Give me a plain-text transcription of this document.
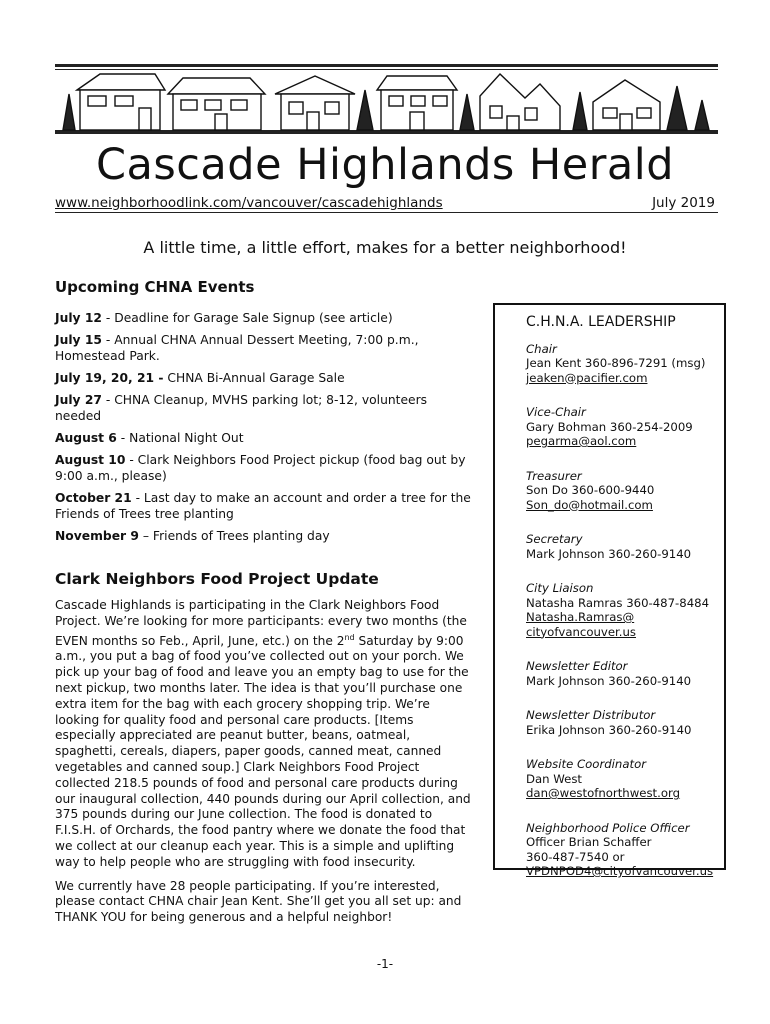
Cascade Highlands Herald
www.neighborhoodlink.com/vancouver/cascadehighlands	July 2019
A little time, a little effort, makes for a better neighborhood!
Upcoming CHNA Events
July 12 - Deadline for Garage Sale Signup (see article)
July 15 - Annual CHNA Annual Dessert Meeting, 7:00 p.m., Homestead Park.
July 19, 20, 21 - CHNA Bi-Annual Garage Sale
July 27 - CHNA Cleanup, MVHS parking lot; 8-12, volunteers needed
August 6 - National Night Out
August 10 - Clark Neighbors Food Project pickup (food bag out by 9:00 a.m., please)
October 21 - Last day to make an account and order a tree for the Friends of Trees tree planting
November 9 – Friends of Trees planting day
Clark Neighbors Food Project Update

Cascade Highlands is participating in the Clark Neighbors Food Project. We’re looking for more participants: every two months (the EVEN months so Feb., April, June, etc.) on the 2nd Saturday by 9:00 a.m., you put a bag of food you’ve collected out on your porch. We pick up your bag of food and leave you an empty bag to use for the next pickup, two months later. The idea is that you’ll purchase one extra item for the bag with each grocery shopping trip. We’re looking for quality food and personal care products. [Items especially appreciated are peanut butter, beans, oatmeal, spaghetti, cereals, diapers, paper goods, canned meat, canned vegetables and canned soup.] Clark Neighbors Food Project collected 218.5 pounds of food and personal care products during our inaugural collection, 440 pounds during our April collection, and 375 pounds during our June collection. The food is donated to F.I.S.H. of Orchards, the food pantry where we donate the food that we collect at our cleanup each year. This is a simple and uplifting way to help people who are struggling with food insecurity.

We currently have 28 people participating. If you’re interested, please contact CHNA chair Jean Kent. She’ll get you all set up: and THANK YOU for being generous and a helpful neighbor!

C.H.N.A. LEADERSHIP
Chair
Jean Kent 360-896-7291 (msg)
jeaken@pacifier.com
Vice-Chair
Gary Bohman 360-254-2009
pegarma@aol.com
Treasurer
Son Do 360-600-9440
Son_do@hotmail.com
Secretary
Mark Johnson 360-260-9140
City Liaison
Natasha Ramras 360-487-8484
Natasha.Ramras@ cityofvancouver.us
Newsletter Editor
Mark Johnson 360-260-9140
Newsletter Distributor
Erika Johnson 360-260-9140
Website Coordinator
Dan West
dan@westofnorthwest.org
Neighborhood Police Officer
Officer Brian Schaffer
360-487-7540 or
VPDNPOD4@cityofvancouver.us
-1-
